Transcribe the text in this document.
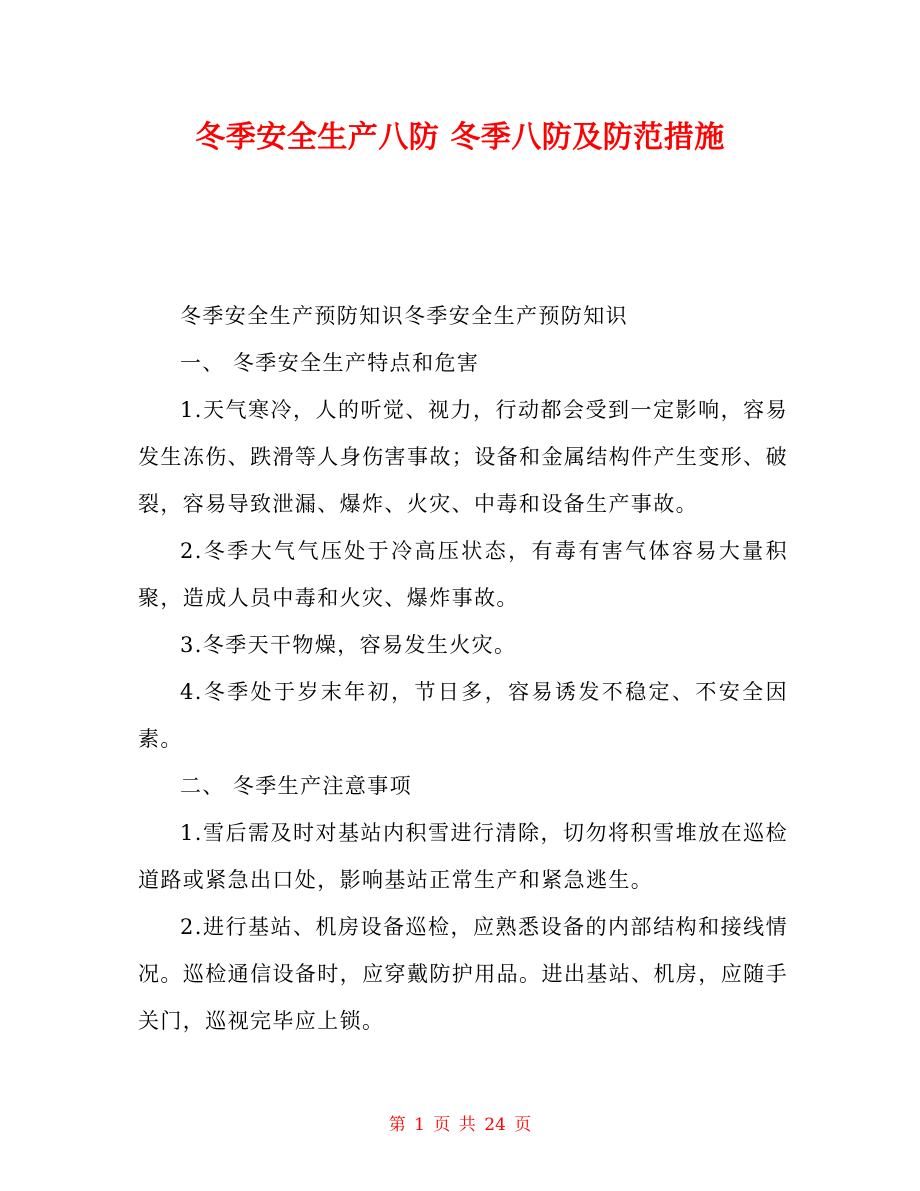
冬季安全生产八防 冬季八防及防范措施

冬季安全生产预防知识冬季安全生产预防知识

一、 冬季安全生产特点和危害

1.天气寒冷，人的听觉、视力，行动都会受到一定影响，容易发生冻伤、跌滑等人身伤害事故；设备和金属结构件产生变形、破裂，容易导致泄漏、爆炸、火灾、中毒和设备生产事故。

2.冬季大气气压处于冷高压状态，有毒有害气体容易大量积聚，造成人员中毒和火灾、爆炸事故。

3.冬季天干物燥，容易发生火灾。

4.冬季处于岁末年初，节日多，容易诱发不稳定、不安全因素。

二、 冬季生产注意事项

1.雪后需及时对基站内积雪进行清除，切勿将积雪堆放在巡检道路或紧急出口处，影响基站正常生产和紧急逃生。

2.进行基站、机房设备巡检，应熟悉设备的内部结构和接线情况。巡检通信设备时，应穿戴防护用品。进出基站、机房，应随手关门，巡视完毕应上锁。

第 1 页 共 24 页
